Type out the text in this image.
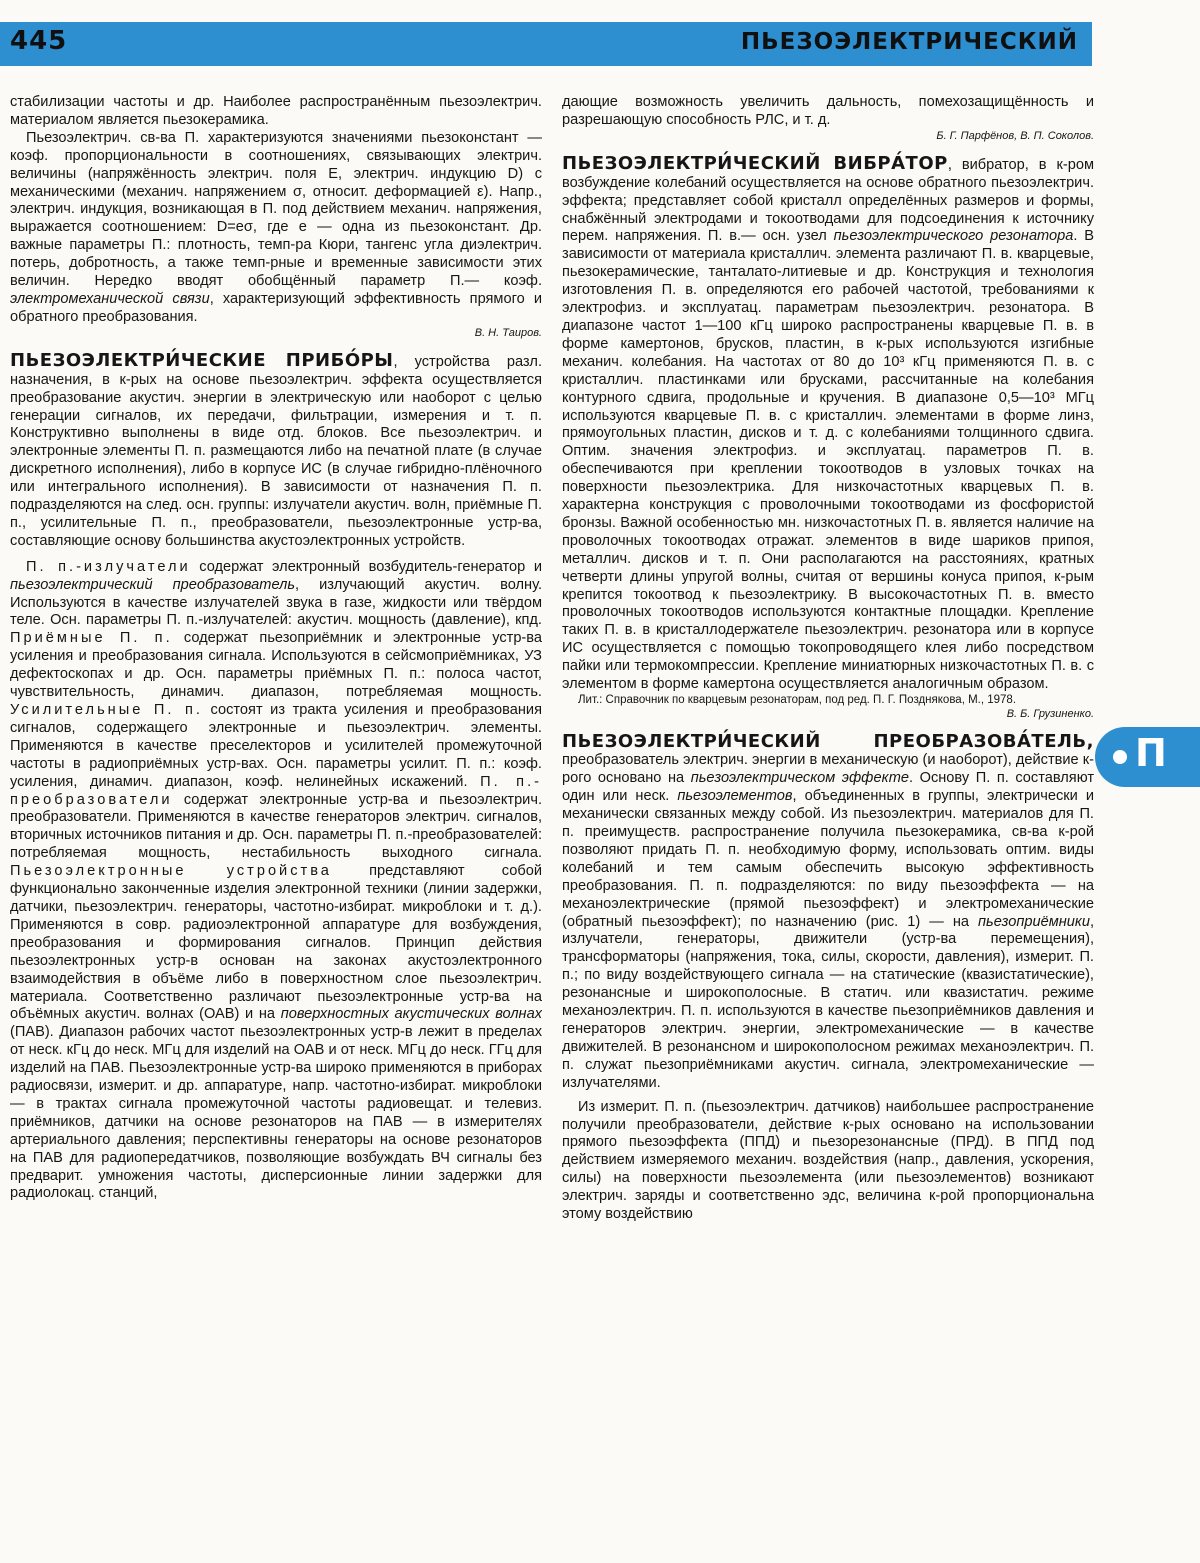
445	ПЬЕЗОЭЛЕКТРИЧЕСКИЙ
П

стабилизации частоты и др. Наиболее распространённым пьезоэлектрич. материалом является пьезокерамика.

Пьезоэлектрич. св-ва П. характеризуются значениями пьезоконстант — коэф. пропорциональности в соотношениях, связывающих электрич. величины (напряжённость электрич. поля E, электрич. индукцию D) с механическими (механич. напряжением σ, относит. деформацией ε). Напр., электрич. индукция, возникающая в П. под действием механич. напряжения, выражается соотношением: D=eσ, где e — одна из пьезоконстант. Др. важные параметры П.: плотность, темп-ра Кюри, тангенс угла диэлектрич. потерь, добротность, а также темп-рные и временные зависимости этих величин. Нередко вводят обобщённый параметр П.— коэф. электромеханической связи, характеризующий эффективность прямого и обратного преобразования.

В. Н. Таиров.

ПЬЕЗОЭЛЕКТРИ́ЧЕСКИЕ ПРИБО́РЫ, устройства разл. назначения, в к-рых на основе пьезоэлектрич. эффекта осуществляется преобразование акустич. энергии в электрическую или наоборот с целью генерации сигналов, их передачи, фильтрации, измерения и т. п. Конструктивно выполнены в виде отд. блоков. Все пьезоэлектрич. и электронные элементы П. п. размещаются либо на печатной плате (в случае дискретного исполнения), либо в корпусе ИС (в случае гибридно-плёночного или интегрального исполнения). В зависимости от назначения П. п. подразделяются на след. осн. группы: излучатели акустич. волн, приёмные П. п., усилительные П. п., преобразователи, пьезоэлектронные устр-ва, составляющие основу большинства акустоэлектронных устройств.

П. п.-излучатели содержат электронный возбудитель-генератор и пьезоэлектрический преобразователь, излучающий акустич. волну. Используются в качестве излучателей звука в газе, жидкости или твёрдом теле. Осн. параметры П. п.-излучателей: акустич. мощность (давление), кпд. Приёмные П. п. содержат пьезоприёмник и электронные устр-ва усиления и преобразования сигнала. Используются в сейсмоприёмниках, УЗ дефектоскопах и др. Осн. параметры приёмных П. п.: полоса частот, чувствительность, динамич. диапазон, потребляемая мощность. Усилительные П. п. состоят из тракта усиления и преобразования сигналов, содержащего электронные и пьезоэлектрич. элементы. Применяются в качестве преселекторов и усилителей промежуточной частоты в радиоприёмных устр-вах. Осн. параметры усилит. П. п.: коэф. усиления, динамич. диапазон, коэф. нелинейных искажений. П. п.-преобразователи содержат электронные устр-ва и пьезоэлектрич. преобразователи. Применяются в качестве генераторов электрич. сигналов, вторичных источников питания и др. Осн. параметры П. п.-преобразователей: потребляемая мощность, нестабильность выходного сигнала. Пьезоэлектронные устройства представляют собой функционально законченные изделия электронной техники (линии задержки, датчики, пьезоэлектрич. генераторы, частотно-избират. микроблоки и т. д.). Применяются в совр. радиоэлектронной аппаратуре для возбуждения, преобразования и формирования сигналов. Принцип действия пьезоэлектронных устр-в основан на законах акустоэлектронного взаимодействия в объёме либо в поверхностном слое пьезоэлектрич. материала. Соответственно различают пьезоэлектронные устр-ва на объёмных акустич. волнах (ОАВ) и на поверхностных акустических волнах (ПАВ). Диапазон рабочих частот пьезоэлектронных устр-в лежит в пределах от неск. кГц до неск. МГц для изделий на ОАВ и от неск. МГц до неск. ГГц для изделий на ПАВ. Пьезоэлектронные устр-ва широко применяются в приборах радиосвязи, измерит. и др. аппаратуре, напр. частотно-избират. микроблоки — в трактах сигнала промежуточной частоты радиовещат. и телевиз. приёмников, датчики на основе резонаторов на ПАВ — в измерителях артериального давления; перспективны генераторы на основе резонаторов на ПАВ для радиопередатчиков, позволяющие возбуждать ВЧ сигналы без предварит. умножения частоты, дисперсионные линии задержки для радиолокац. станций,

дающие возможность увеличить дальность, помехозащищённость и разрешающую способность РЛС, и т. д.

Б. Г. Парфёнов, В. П. Соколов.

ПЬЕЗОЭЛЕКТРИ́ЧЕСКИЙ ВИБРА́ТОР, вибратор, в к-ром возбуждение колебаний осуществляется на основе обратного пьезоэлектрич. эффекта; представляет собой кристалл определённых размеров и формы, снабжённый электродами и токоотводами для подсоединения к источнику перем. напряжения. П. в.— осн. узел пьезоэлектрического резонатора. В зависимости от материала кристаллич. элемента различают П. в. кварцевые, пьезокерамические, танталато-литиевые и др. Конструкция и технология изготовления П. в. определяются его рабочей частотой, требованиями к электрофиз. и эксплуатац. параметрам пьезоэлектрич. резонатора. В диапазоне частот 1—100 кГц широко распространены кварцевые П. в. в форме камертонов, брусков, пластин, в к-рых используются изгибные механич. колебания. На частотах от 80 до 10³ кГц применяются П. в. с кристаллич. пластинками или брусками, рассчитанные на колебания контурного сдвига, продольные и кручения. В диапазоне 0,5—10³ МГц используются кварцевые П. в. с кристаллич. элементами в форме линз, прямоугольных пластин, дисков и т. д. с колебаниями толщинного сдвига. Оптим. значения электрофиз. и эксплуатац. параметров П. в. обеспечиваются при креплении токоотводов в узловых точках на поверхности пьезоэлектрика. Для низкочастотных кварцевых П. в. характерна конструкция с проволочными токоотводами из фосфористой бронзы. Важной особенностью мн. низкочастотных П. в. является наличие на проволочных токоотводах отражат. элементов в виде шариков припоя, металлич. дисков и т. п. Они располагаются на расстояниях, кратных четверти длины упругой волны, считая от вершины конуса припоя, к-рым крепится токоотвод к пьезоэлектрику. В высокочастотных П. в. вместо проволочных токоотводов используются контактные площадки. Крепление таких П. в. в кристаллодержателе пьезоэлектрич. резонатора или в корпусе ИС осуществляется с помощью токопроводящего клея либо посредством пайки или термокомпрессии. Крепление миниатюрных низкочастотных П. в. с элементом в форме камертона осуществляется аналогичным образом.

Лит.: Справочник по кварцевым резонаторам, под ред. П. Г. Позднякова, М., 1978.

В. Б. Грузиненко.

ПЬЕЗОЭЛЕКТРИ́ЧЕСКИЙ ПРЕОБРАЗОВА́ТЕЛЬ, преобразователь электрич. энергии в механическую (и наоборот), действие к-рого основано на пьезоэлектрическом эффекте. Основу П. п. составляют один или неск. пьезоэлементов, объединенных в группы, электрически и механически связанных между собой. Из пьезоэлектрич. материалов для П. п. преимуществ. распространение получила пьезокерамика, св-ва к-рой позволяют придать П. п. необходимую форму, использовать оптим. виды колебаний и тем самым обеспечить высокую эффективность преобразования. П. п. подразделяются: по виду пьезоэффекта — на механоэлектрические (прямой пьезоэффект) и электромеханические (обратный пьезоэффект); по назначению (рис. 1) — на пьезоприёмники, излучатели, генераторы, движители (устр-ва перемещения), трансформаторы (напряжения, тока, силы, скорости, давления), измерит. П. п.; по виду воздействующего сигнала — на статические (квазистатические), резонансные и широкополосные. В статич. или квазистатич. режиме механоэлектрич. П. п. используются в качестве пьезоприёмников давления и генераторов электрич. энергии, электромеханические — в качестве движителей. В резонансном и широкополосном режимах механоэлектрич. П. п. служат пьезоприёмниками акустич. сигнала, электромеханические — излучателями.

Из измерит. П. п. (пьезоэлектрич. датчиков) наибольшее распространение получили преобразователи, действие к-рых основано на использовании прямого пьезоэффекта (ППД) и пьезорезонансные (ПРД). В ППД под действием измеряемого механич. воздействия (напр., давления, ускорения, силы) на поверхности пьезоэлемента (или пьезоэлементов) возникают электрич. заряды и соответственно эдс, величина к-рой пропорциональна этому воздействию
